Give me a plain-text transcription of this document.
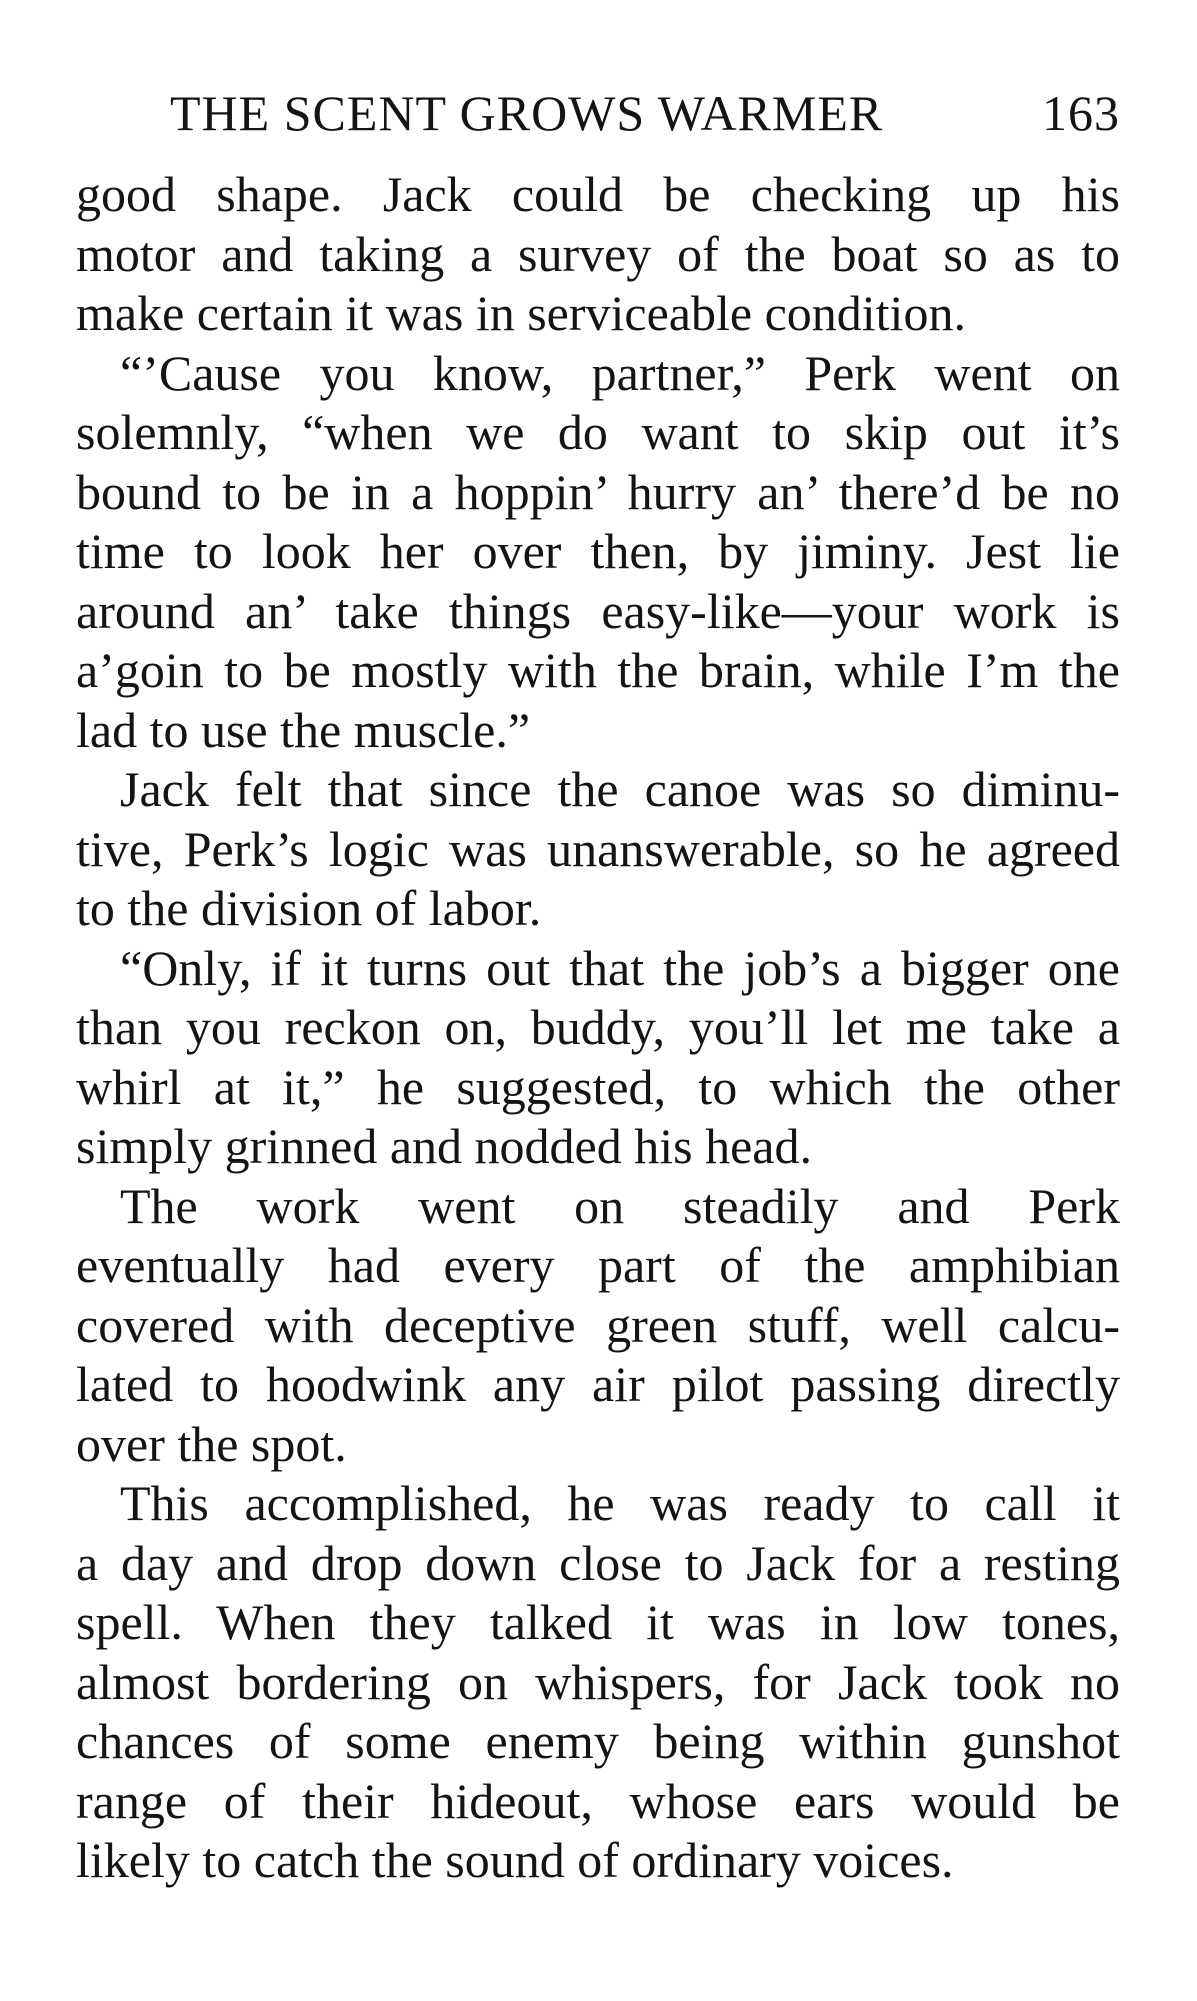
THE SCENT GROWS WARMER	163
good shape. Jack could be checking up his
motor and taking a survey of the boat so as to
make certain it was in serviceable condition.
“’Cause you know, partner,” Perk went on
solemnly, “when we do want to skip out it’s
bound to be in a hoppin’ hurry an’ there’d be no
time to look her over then, by jiminy. Jest lie
around an’ take things easy-like—your work is
a’goin to be mostly with the brain, while I’m the
lad to use the muscle.”
Jack felt that since the canoe was so diminu-
tive, Perk’s logic was unanswerable, so he agreed
to the division of labor.
“Only, if it turns out that the job’s a bigger one
than you reckon on, buddy, you’ll let me take a
whirl at it,” he suggested, to which the other
simply grinned and nodded his head.
The work went on steadily and Perk
eventually had every part of the amphibian
covered with deceptive green stuff, well calcu-
lated to hoodwink any air pilot passing directly
over the spot.
This accomplished, he was ready to call it
a day and drop down close to Jack for a resting
spell. When they talked it was in low tones,
almost bordering on whispers, for Jack took no
chances of some enemy being within gunshot
range of their hideout, whose ears would be
likely to catch the sound of ordinary voices.
